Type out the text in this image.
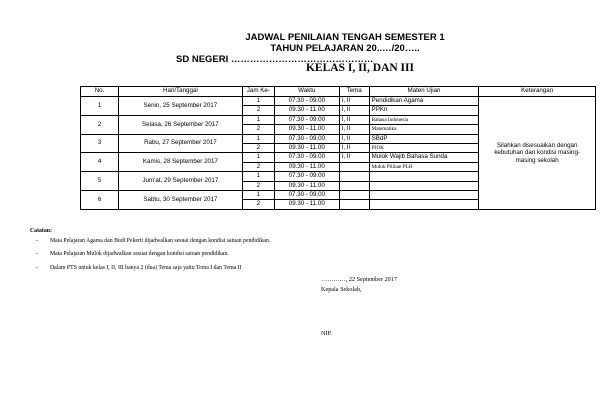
JADWAL PENILAIAN TENGAH SEMESTER 1
TAHUN PELAJARAN 20..…/20…..
SD NEGERI ………………………………………
KELAS I, II, DAN III
No.	Hari/Tanggal	Jam Ke-	Waktu	Tema	Materi Ujian	Keterangan
1	Senin, 25 September 2017	1	07.30 - 09.00	I, II	Pendidikan Agama	Silahkan disesuaikan dengan kebutuhan dan kondisi masing-masing sekolah
		2	09.30 - 11.00	I, II	PPKn	
2	Selasa, 26 September 2017	1	07.30 - 09.00	I, II	Bahasa Indonesia	
		2	09.30 - 11.00	I, II	Matematika	
3	Rabu, 27 September 2017	1	07.30 - 09.00	I, II	SBdP	
		2	09.30 - 11.00	I, II	PJOK	
4	Kamis, 28 September 2017	1	07.30 - 09.00	I, II	Mulok Wajib Bahasa Sunda	
		2	09.30 - 11.00		Mulok Pilihan PLH	
5	Jum'at, 29 September 2017	1	07.30 - 09.00			
		2	09.30 - 11.00			
6	Sabtu, 30 September 2017	1	07.30 - 09.00			
		2	09.30 - 11.00			
Catatan:
- Mata Pelajaran Agama dan Budi Pekerti dijadwalkan sesuai dengan kondisi satuan pendidikan.
- Mata Pelajaran Mulok dijadwalkan sesuai dengan kondisi satuan pendidikan.
- Dalam PTS untuk kelas I, II, III hanya 2 (dua) Tema saja yaitu Tema I dan Tema II
…………, 22 September 2017
Kepala Sekolah,
NIP.
